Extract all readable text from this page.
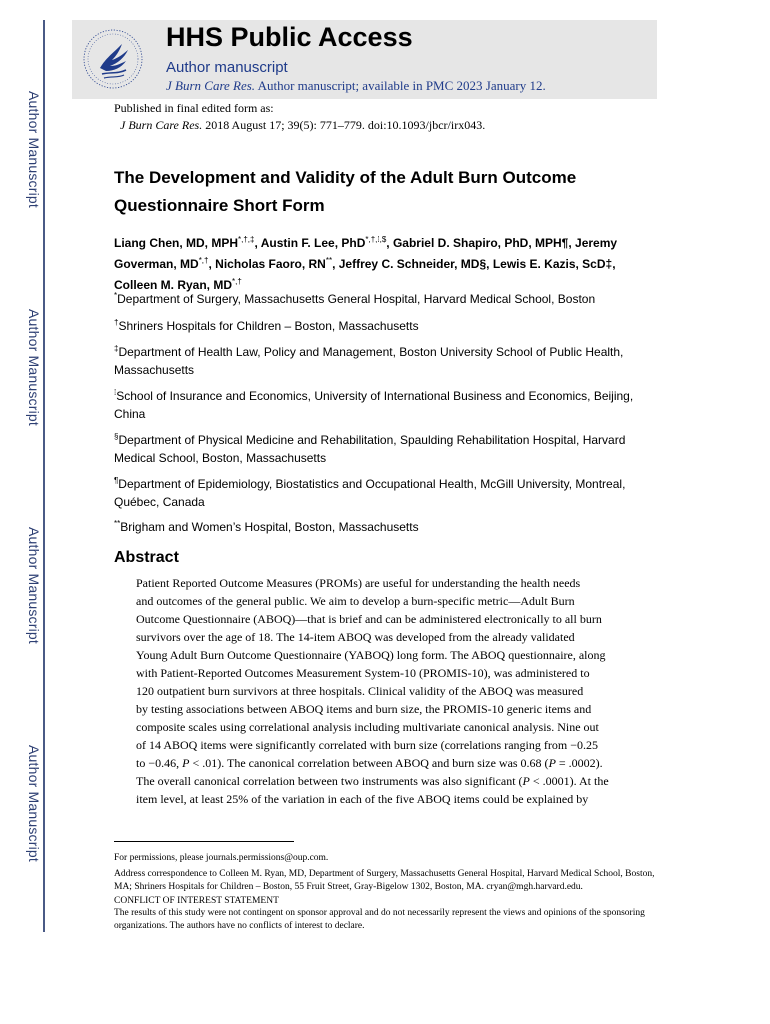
Author Manuscript
Author Manuscript
Author Manuscript
Author Manuscript
HHS Public Access
Author manuscript
J Burn Care Res. Author manuscript; available in PMC 2023 January 12.
Published in final edited form as:
J Burn Care Res. 2018 August 17; 39(5): 771–779. doi:10.1093/jbcr/irx043.
The Development and Validity of the Adult Burn Outcome Questionnaire Short Form
Liang Chen, MD, MPH*,†,‡, Austin F. Lee, PhD*,†,⁞,$, Gabriel D. Shapiro, PhD, MPH¶, Jeremy Goverman, MD*,†, Nicholas Faoro, RN**, Jeffrey C. Schneider, MD§, Lewis E. Kazis, ScD‡, Colleen M. Ryan, MD*,†
*Department of Surgery, Massachusetts General Hospital, Harvard Medical School, Boston
†Shriners Hospitals for Children – Boston, Massachusetts
‡Department of Health Law, Policy and Management, Boston University School of Public Health, Massachusetts
⁞School of Insurance and Economics, University of International Business and Economics, Beijing, China
§Department of Physical Medicine and Rehabilitation, Spaulding Rehabilitation Hospital, Harvard Medical School, Boston, Massachusetts
¶Department of Epidemiology, Biostatistics and Occupational Health, McGill University, Montreal, Québec, Canada
**Brigham and Women’s Hospital, Boston, Massachusetts
Abstract

Patient Reported Outcome Measures (PROMs) are useful for understanding the health needs

and outcomes of the general public. We aim to develop a burn-specific metric—Adult Burn

Outcome Questionnaire (ABOQ)—that is brief and can be administered electronically to all burn

survivors over the age of 18. The 14-item ABOQ was developed from the already validated

Young Adult Burn Outcome Questionnaire (YABOQ) long form. The ABOQ questionnaire, along

with Patient-Reported Outcomes Measurement System-10 (PROMIS-10), was administered to

120 outpatient burn survivors at three hospitals. Clinical validity of the ABOQ was measured

by testing associations between ABOQ items and burn size, the PROMIS-10 generic items and

composite scales using correlational analysis including multivariate canonical analysis. Nine out

of 14 ABOQ items were significantly correlated with burn size (correlations ranging from −0.25

to −0.46, P < .01). The canonical correlation between ABOQ and burn size was 0.68 (P = .0002).

The overall canonical correlation between two instruments was also significant (P < .0001). At the

item level, at least 25% of the variation in each of the five ABOQ items could be explained by

For permissions, please journals.permissions@oup.com.
Address correspondence to Colleen M. Ryan, MD, Department of Surgery, Massachusetts General Hospital, Harvard Medical School, Boston, MA; Shriners Hospitals for Children – Boston, 55 Fruit Street, Gray-Bigelow 1302, Boston, MA. cryan@mgh.harvard.edu.
CONFLICT OF INTEREST STATEMENT
The results of this study were not contingent on sponsor approval and do not necessarily represent the views and opinions of the sponsoring organizations. The authors have no conflicts of interest to declare.
